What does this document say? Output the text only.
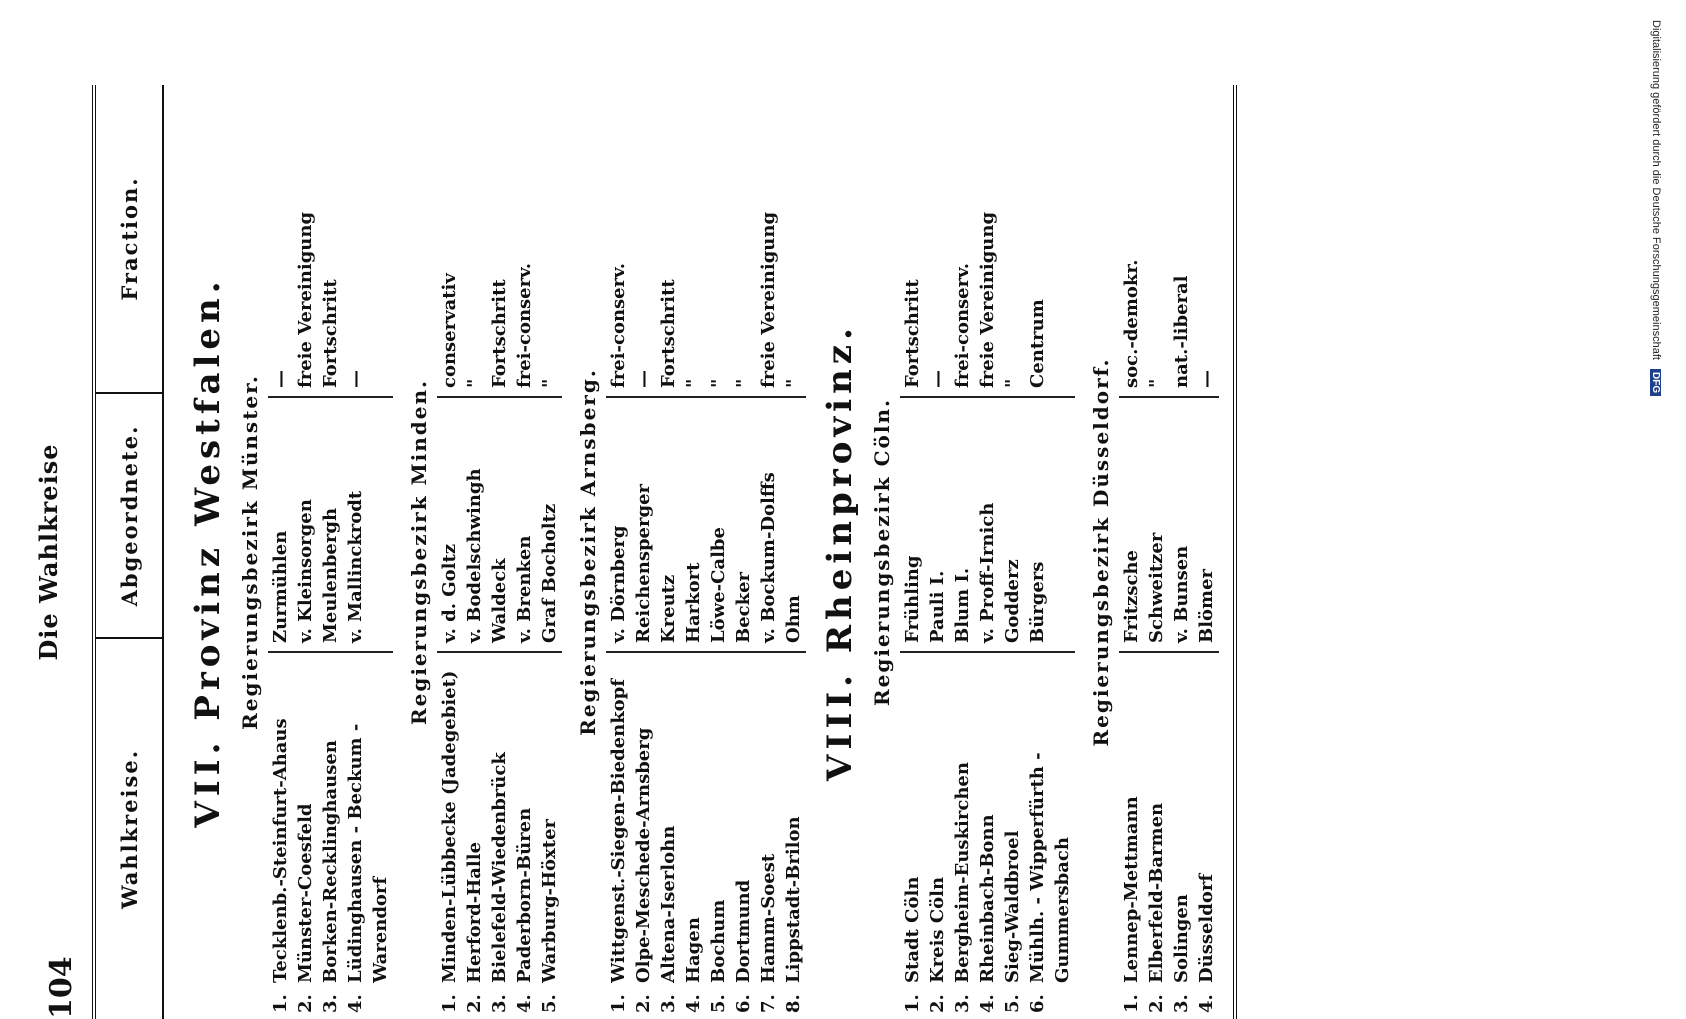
104
Die Wahlkreise
Wahlkreise.
Abgeordnete.
Fraction.
VII. Provinz Westfalen. Regierungsbezirk Münster.
1.
Tecklenb.-Steinfurt-Ahaus
Zurmühlen
—
2.
Münster-Coesfeld
v. Kleinsorgen
freie Vereinigung
3.
Borken-Recklinghausen
Meulenbergh
Fortschritt
4.
Lüdinghausen - Beckum - Warendorf
v. Mallinckrodt
—	Regierungsbezirk Minden.
1.
Minden-Lübbecke (Jadegebiet)
v. d. Goltz
conservativ
2.
Herford-Halle
v. Bodelschwingh
"
3.
Bielefeld-Wiedenbrück
Waldeck
Fortschritt
4.
Paderborn-Büren
v. Brenken
frei-conserv.
5.
Warburg-Höxter
Graf Bocholtz
" Regierungsbezirk Arnsberg.
1.
Wittgenst.-Siegen-Biedenkopf
v. Dörnberg
frei-conserv.
2.
Olpe-Meschede-Arnsberg
Reichensperger
—
3.
Altena-Iserlohn
Kreutz
Fortschritt
4.
Hagen
Harkort
"
5.
Bochum
Löwe-Calbe
"
6.
Dortmund
Becker
"
7.
Hamm-Soest
v. Bockum-Dolffs
freie Vereinigung
8.
Lippstadt-Brilon
Ohm
" VIII. Rheinprovinz. Regierungsbezirk Cöln.
1.
Stadt Cöln
Frühling
Fortschritt
2.
Kreis Cöln
Pauli I.
—
3.
Bergheim-Euskirchen
Blum I.
frei-conserv.
4.
Rheinbach-Bonn
v. Proff-Irnich
freie Vereinigung
5.
Sieg-Waldbroel
Godderz
"
6.
Mühlh. - Wipperfürth - Gummersbach
Bürgers
Centrum
Regierungsbezirk Düsseldorf.
1.
Lennep-Mettmann
Fritzsche
soc.-demokr.
2.
Elberfeld-Barmen
Schweitzer
"
3.
Solingen
v. Bunsen
nat.-liberal
4.
Düsseldorf
Blömer
—
Digitalisierung gefördert durch die Deutsche Forschungsgemeinschaft DFG
